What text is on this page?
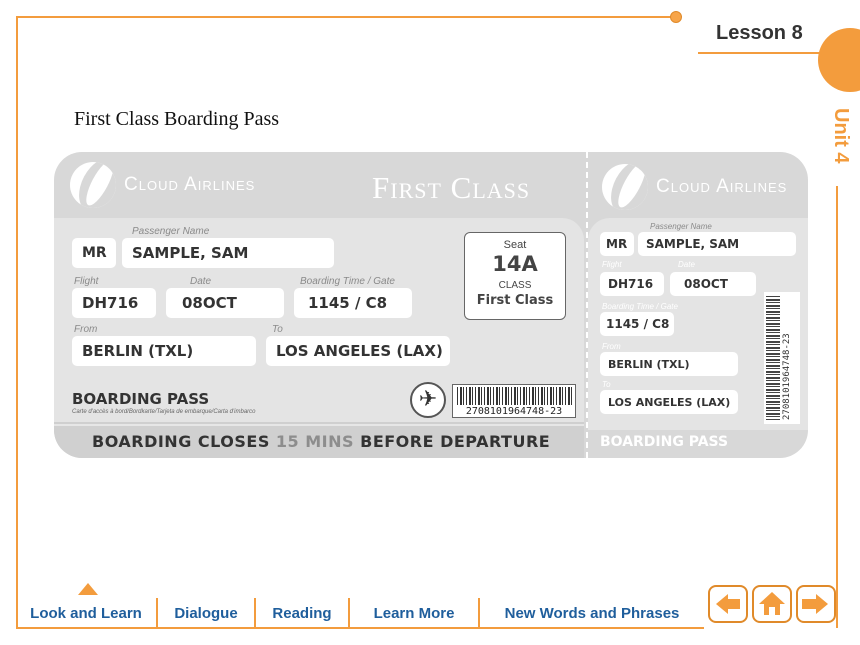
Lesson 8
Unit 4
First Class Boarding Pass
Cloud Airlines	First Class
Passenger Name
MR	SAMPLE, SAM
Flight	Date	Boarding Time / Gate
DH716	08OCT	1145 / C8
From	To
BERLIN (TXL)	LOS ANGELES (LAX)
Seat
14A
CLASS
First Class
BOARDING PASS
Carte d'accès à bord/Bordkarte/Tarjeta de embarque/Carta d'imbarco
✈
2708101964748-23
BOARDING CLOSES 15 MINS BEFORE DEPARTURE
Cloud Airlines
Passenger Name
MR	SAMPLE, SAM
Flight	Date
DH716	08OCT
Boarding Time / Gate
1145 / C8
From
BERLIN (TXL)
To
LOS ANGELES (LAX)	2708101964748-23
BOARDING PASS
Look and Learn	Dialogue	Reading	Learn More	New Words and Phrases
